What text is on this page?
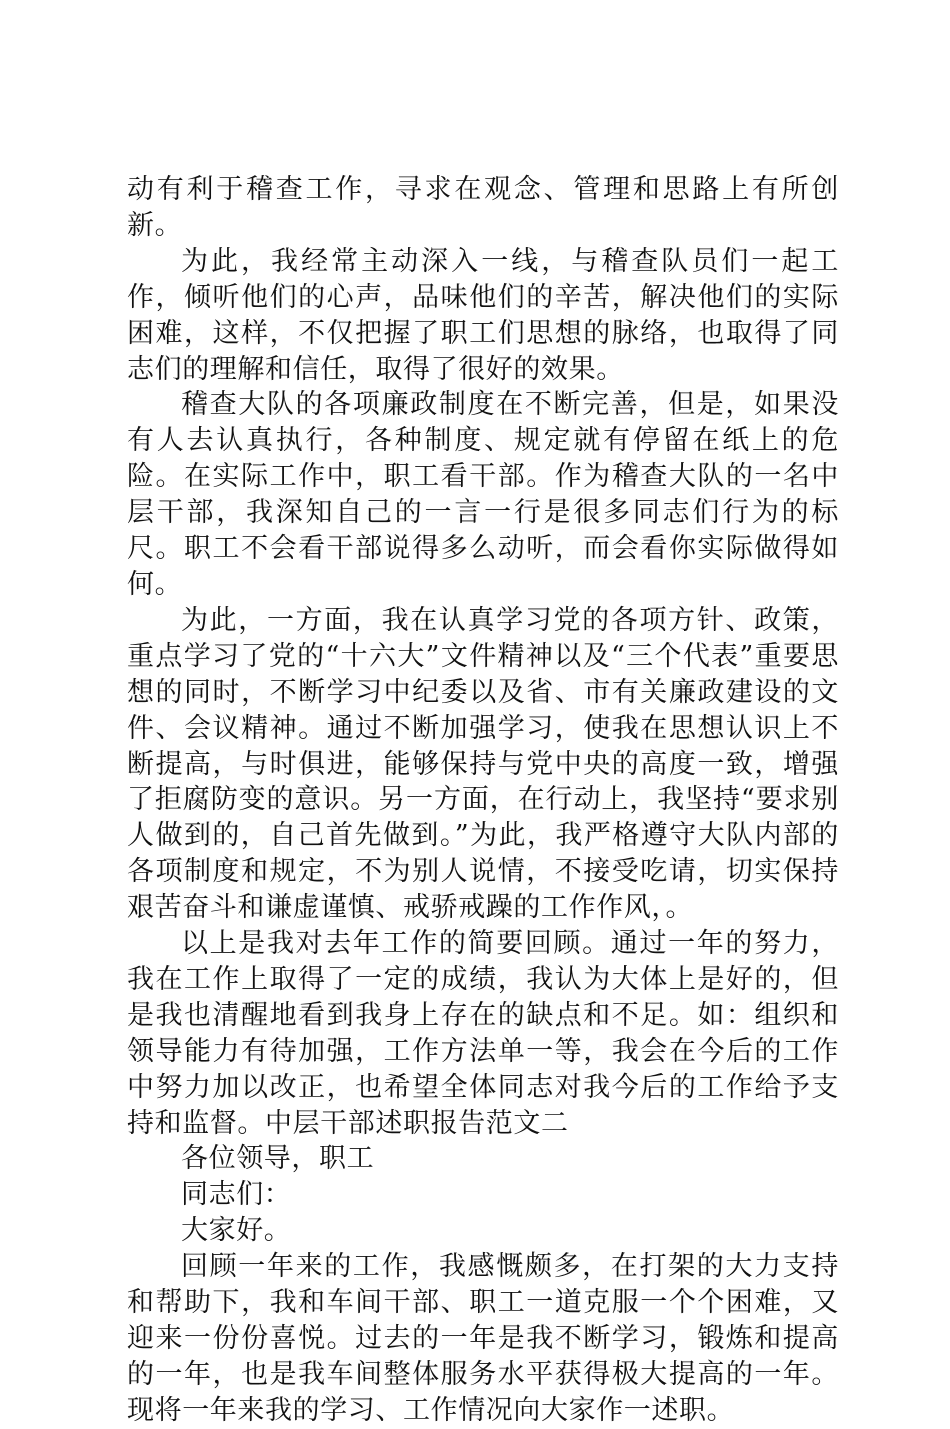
动有利于稽查工作，寻求在观念、管理和思路上有所创新。

为此，我经常主动深入一线，与稽查队员们一起工作，倾听他们的心声，品味他们的辛苦，解决他们的实际困难，这样，不仅把握了职工们思想的脉络，也取得了同志们的理解和信任，取得了很好的效果。

稽查大队的各项廉政制度在不断完善，但是，如果没有人去认真执行，各种制度、规定就有停留在纸上的危险。在实际工作中，职工看干部。作为稽查大队的一名中层干部，我深知自己的一言一行是很多同志们行为的标尺。职工不会看干部说得多么动听，而会看你实际做得如何。

为此，一方面，我在认真学习党的各项方针、政策，重点学习了党的“十六大”文件精神以及“三个代表”重要思想的同时，不断学习中纪委以及省、市有关廉政建设的文件、会议精神。通过不断加强学习，使我在思想认识上不断提高，与时俱进，能够保持与党中央的高度一致，增强了拒腐防变的意识。另一方面，在行动上，我坚持“要求别人做到的，自己首先做到。”为此，我严格遵守大队内部的各项制度和规定，不为别人说情，不接受吃请，切实保持艰苦奋斗和谦虚谨慎、戒骄戒躁的工作作风，。

以上是我对去年工作的简要回顾。通过一年的努力，我在工作上取得了一定的成绩，我认为大体上是好的，但是我也清醒地看到我身上存在的缺点和不足。如：组织和领导能力有待加强，工作方法单一等，我会在今后的工作中努力加以改正，也希望全体同志对我今后的工作给予支持和监督。中层干部述职报告范文二

各位领导，职工

同志们：

大家好。

回顾一年来的工作，我感慨颇多，在打架的大力支持和帮助下，我和车间干部、职工一道克服一个个困难，又迎来一份份喜悦。过去的一年是我不断学习，锻炼和提高的一年，也是我车间整体服务水平获得极大提高的一年。现将一年来我的学习、工作情况向大家作一述职。
